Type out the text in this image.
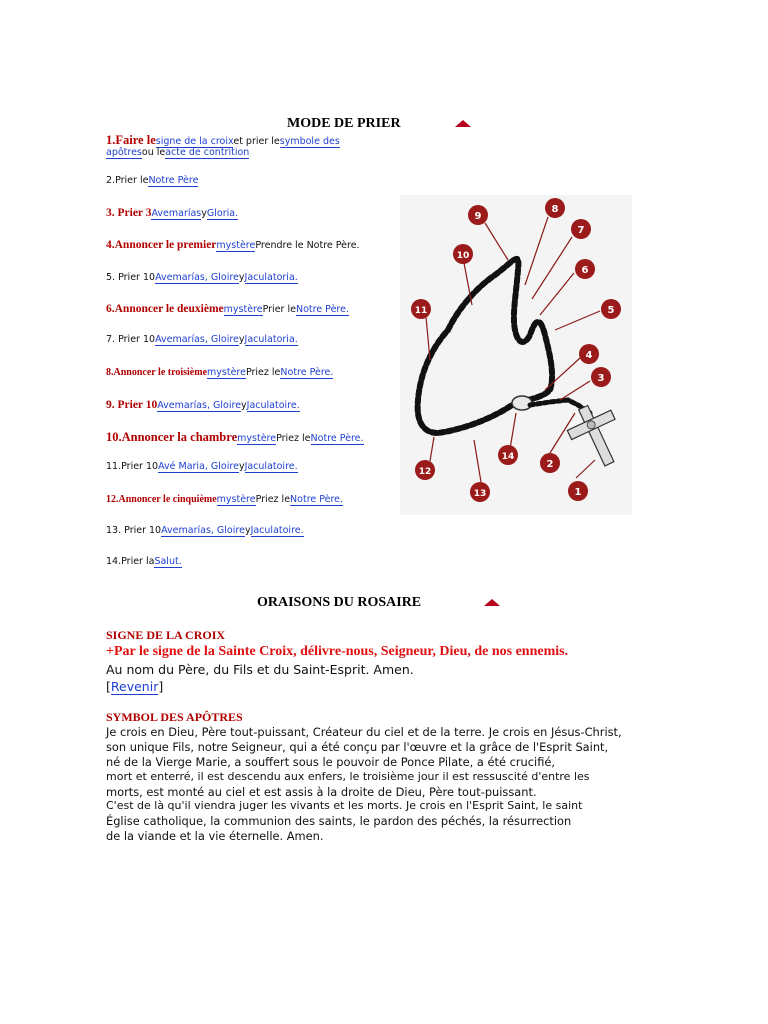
MODE DE PRIER
1.Faire lesigne de la croixet prier lesymbole des
apôtresou leacte de contrition
2.Prier leNotre Père
3. Prier 3AvemaríasyGloria.
4.Annoncer le premiermystèrePrendre le Notre Père.
5. Prier 10Avemarías, GloireyJaculatoria.
6.Annoncer le deuxièmemystèrePrier leNotre Père.
7. Prier 10Avemarías, GloireyJaculatoria.
8.Annoncer le troisièmemystèrePriez leNotre Père.
9. Prier 10Avemarías, GloireyJaculatoire.
10.Annoncer la chambremystèrePriez leNotre Père.
11.Prier 10Avé Maria, GloireyJaculatoire.
12.Annoncer le cinquièmemystèrePriez leNotre Père.
13. Prier 10Avemarías, GloireyJaculatoire.
14.Prier laSalut.
1
2
3
4
5
6
7
8
9
10
11
12
13
14
ORAISONS DU ROSAIRE
SIGNE DE LA CROIX
+Par le signe de la Sainte Croix, délivre-nous, Seigneur, Dieu, de nos ennemis.
Au nom du Père, du Fils et du Saint-Esprit. Amen.
[Revenir]
SYMBOL DES APÔTRES
Je crois en Dieu, Père tout-puissant, Créateur du ciel et de la terre. Je crois en Jésus-Christ,
son unique Fils, notre Seigneur, qui a été conçu par l'œuvre et la grâce de l'Esprit Saint,
né de la Vierge Marie, a souffert sous le pouvoir de Ponce Pilate, a été crucifié,
mort et enterré, il est descendu aux enfers, le troisième jour il est ressuscité d'entre les
morts, est monté au ciel et est assis à la droite de Dieu, Père tout-puissant.
C'est de là qu'il viendra juger les vivants et les morts. Je crois en l'Esprit Saint, le saint
Église catholique, la communion des saints, le pardon des péchés, la résurrection
de la viande et la vie éternelle. Amen.
